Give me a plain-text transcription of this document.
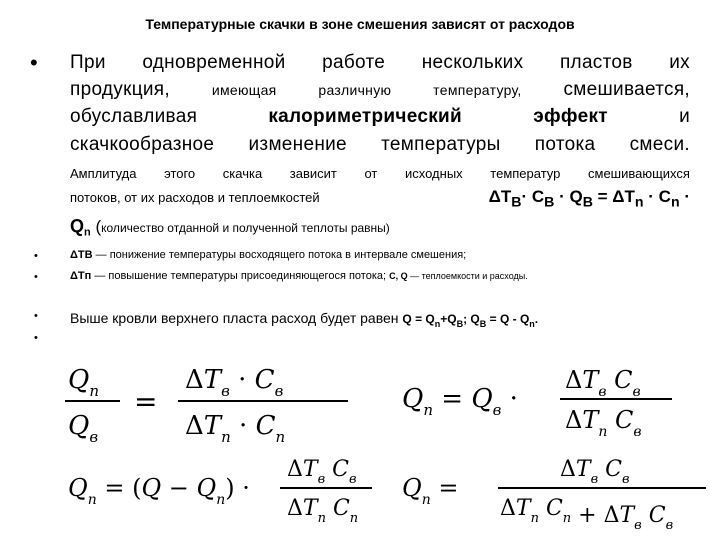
Температурные скачки в зоне смешения зависят от расходов
• При одновременной работе нескольких пластов их
продукция,	имеющая	различную	температуру, смешивается,
обуславливая	калориметрический	эффект	и
скачкообразное изменение температуры потока смеси.
Амплитуда этого скачка зависит от исходных температур смешивающихся
потоков, от их расходов и теплоемкостей	$\Delta T_B\cdot C_B \cdot Q_B = \Delta T_n \cdot C_n$ ·
$Q_n$ (количество отданной и полученной теплоты равны)
•	ΔTB — понижение температуры восходящего потока в интервале смешения;
•	ΔTп — повышение температуры присоединяющегося потока; C, Q — теплоемкости и расходы.
• Выше кровли верхнего пласта расход будет равен $Q = Q_n+Q_B$; $Q_B = Q - Q_n$.
•
$Q_n$
$Q_в$
=
$\Delta T_в \cdot C_в$
$\Delta T_n \cdot C_n$
$Q_n = Q_в$ ·
$\Delta T_в$ $C_в$
$\Delta T_n$ $C_в$
$Q_n = (Q - Q_n)$ ·
$\Delta T_в$ $C_в$
$\Delta T_n$ $C_n$
$Q_n$ =
$\Delta T_в$ $C_в$
$\Delta T_n$ $C_n + \Delta T_в$ $C_в$
